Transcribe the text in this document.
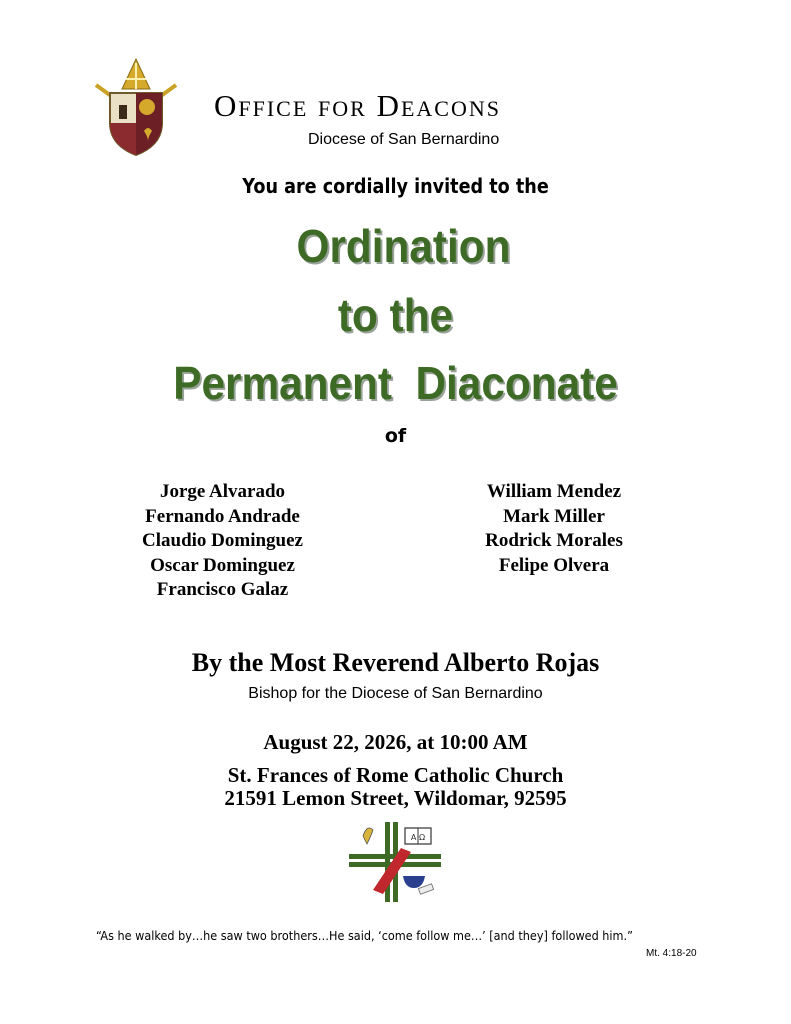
Office for Deacons
Diocese of San Bernardino
You are cordially invited to the
Ordination
to the
Permanent  Diaconate
of
Jorge Alvarado
Fernando Andrade
Claudio Dominguez
Oscar Dominguez
Francisco Galaz
William Mendez
Mark Miller
Rodrick Morales
Felipe Olvera
By the Most Reverend Alberto Rojas
Bishop for the Diocese of San Bernardino
August 22, 2026, at 10:00 AM
St. Frances of Rome Catholic Church
21591 Lemon Street, Wildomar, 92595
Α Ω
“As he walked by…he saw two brothers…He said, ‘come follow me…’ [and they] followed him.”
Mt. 4:18-20
